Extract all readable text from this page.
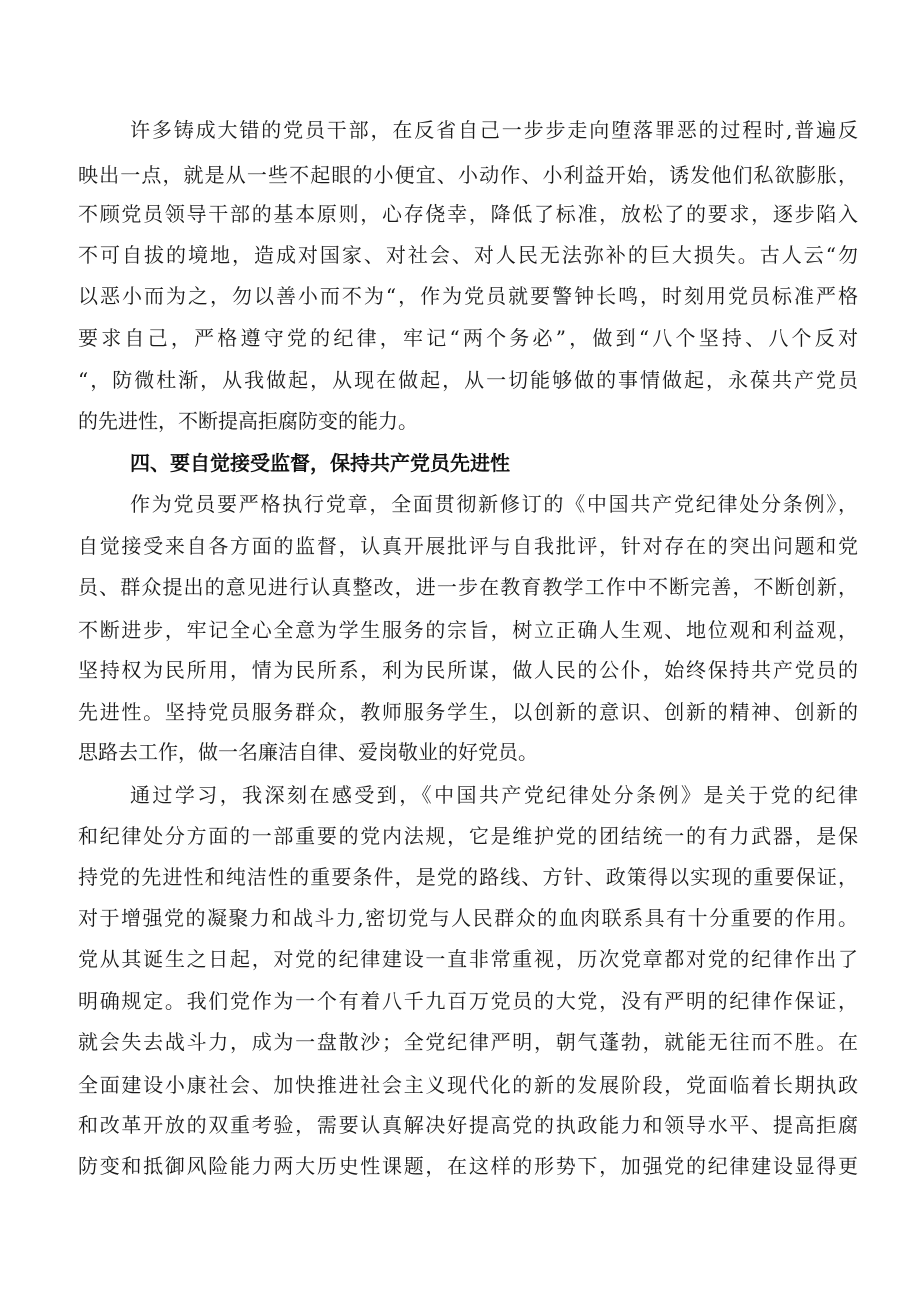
许多铸成大错的党员干部，在反省自己一步步走向堕落罪恶的过程时,普遍反
映出一点，就是从一些不起眼的小便宜、小动作、小利益开始，诱发他们私欲膨胀，
不顾党员领导干部的基本原则，心存侥幸，降低了标准，放松了的要求，逐步陷入
不可自拔的境地，造成对国家、对社会、对人民无法弥补的巨大损失。古人云“勿
以恶小而为之，勿以善小而不为“，作为党员就要警钟长鸣，时刻用党员标准严格
要求自己，严格遵守党的纪律，牢记“两个务必”，做到“八个坚持、八个反对
“，防微杜渐，从我做起，从现在做起，从一切能够做的事情做起，永葆共产党员
的先进性，不断提高拒腐防变的能力。
四、要自觉接受监督，保持共产党员先进性
作为党员要严格执行党章，全面贯彻新修订的《中国共产党纪律处分条例》，
自觉接受来自各方面的监督，认真开展批评与自我批评，针对存在的突出问题和党
员、群众提出的意见进行认真整改，进一步在教育教学工作中不断完善，不断创新，
不断进步，牢记全心全意为学生服务的宗旨，树立正确人生观、地位观和利益观，
坚持权为民所用，情为民所系，利为民所谋，做人民的公仆，始终保持共产党员的
先进性。坚持党员服务群众，教师服务学生，以创新的意识、创新的精神、创新的
思路去工作，做一名廉洁自律、爱岗敬业的好党员。
通过学习，我深刻在感受到，《中国共产党纪律处分条例》是关于党的纪律
和纪律处分方面的一部重要的党内法规，它是维护党的团结统一的有力武器，是保
持党的先进性和纯洁性的重要条件，是党的路线、方针、政策得以实现的重要保证，
对于增强党的凝聚力和战斗力,密切党与人民群众的血肉联系具有十分重要的作用。
党从其诞生之日起，对党的纪律建设一直非常重视，历次党章都对党的纪律作出了
明确规定。我们党作为一个有着八千九百万党员的大党，没有严明的纪律作保证，
就会失去战斗力，成为一盘散沙；全党纪律严明，朝气蓬勃，就能无往而不胜。在
全面建设小康社会、加快推进社会主义现代化的新的发展阶段，党面临着长期执政
和改革开放的双重考验，需要认真解决好提高党的执政能力和领导水平、提高拒腐
防变和抵御风险能力两大历史性课题，在这样的形势下，加强党的纪律建设显得更
